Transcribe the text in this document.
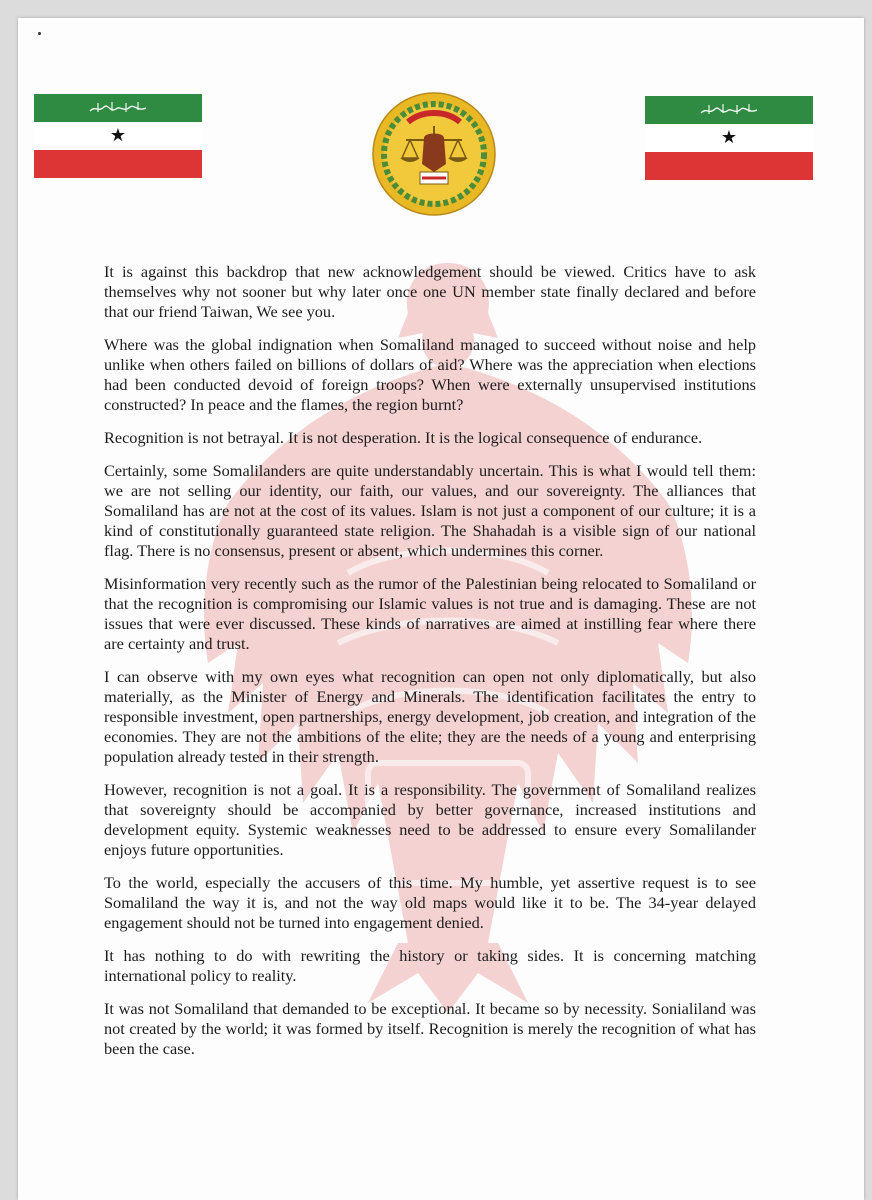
★	★

It is against this backdrop that new acknowledgement should be viewed. Critics have to ask themselves why not sooner but why later once one UN member state finally declared and before that our friend Taiwan, We see you.

Where was the global indignation when Somaliland managed to succeed without noise and help unlike when others failed on billions of dollars of aid? Where was the appreciation when elections had been conducted devoid of foreign troops? When were externally unsupervised institutions constructed? In peace and the flames, the region burnt?

Recognition is not betrayal. It is not desperation. It is the logical consequence of endurance.

Certainly, some Somalilanders are quite understandably uncertain. This is what I would tell them: we are not selling our identity, our faith, our values, and our sovereignty. The alliances that Somaliland has are not at the cost of its values. Islam is not just a component of our culture; it is a kind of constitutionally guaranteed state religion. The Shahadah is a visible sign of our national flag. There is no consensus, present or absent, which undermines this corner.

Misinformation very recently such as the rumor of the Palestinian being relocated to Somaliland or that the recognition is compromising our Islamic values is not true and is damaging. These are not issues that were ever discussed. These kinds of narratives are aimed at instilling fear where there are certainty and trust.

I can observe with my own eyes what recognition can open not only diplomatically, but also materially, as the Minister of Energy and Minerals. The identification facilitates the entry to responsible investment, open partnerships, energy development, job creation, and integration of the economies. They are not the ambitions of the elite; they are the needs of a young and enterprising population already tested in their strength.

However, recognition is not a goal. It is a responsibility. The government of Somaliland realizes that sovereignty should be accompanied by better governance, increased institutions and development equity. Systemic weaknesses need to be addressed to ensure every Somalilander enjoys future opportunities.

To the world, especially the accusers of this time. My humble, yet assertive request is to see Somaliland the way it is, and not the way old maps would like it to be. The 34-year delayed engagement should not be turned into engagement denied.

It has nothing to do with rewriting the history or taking sides. It is concerning matching international policy to reality.

It was not Somaliland that demanded to be exceptional. It became so by necessity. Sonialiland was not created by the world; it was formed by itself. Recognition is merely the recognition of what has been the case.
